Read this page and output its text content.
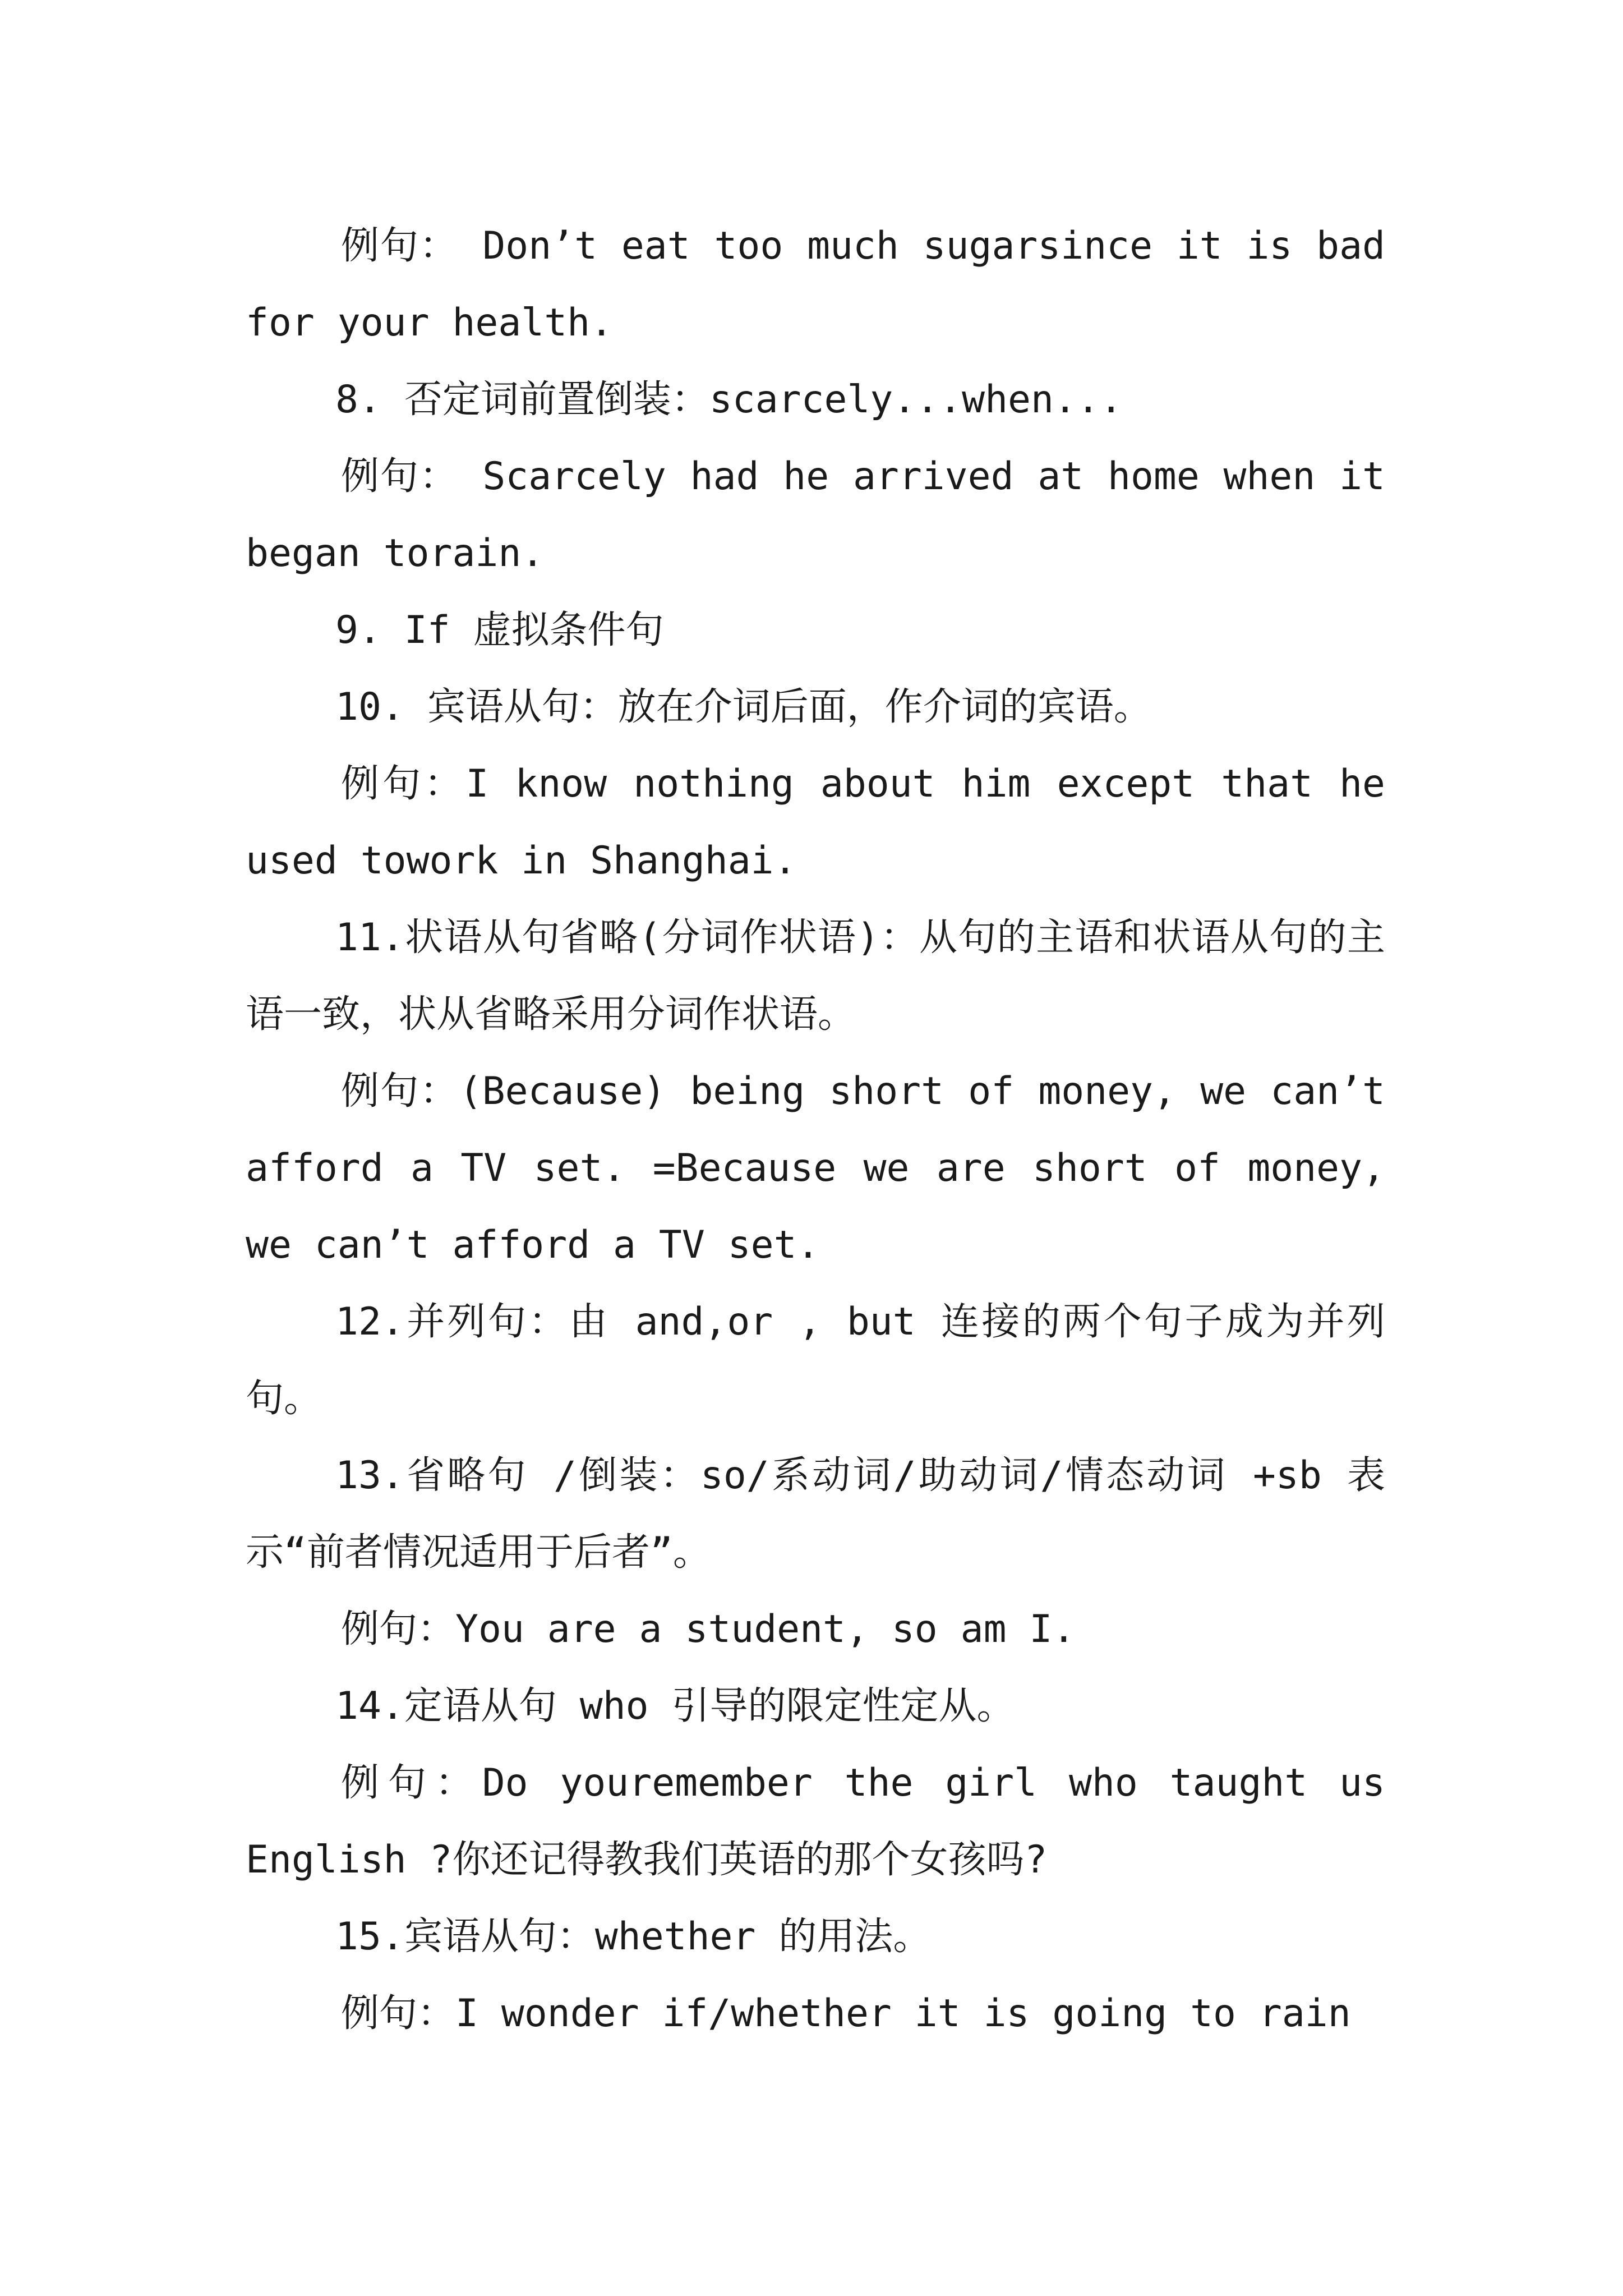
例句： Don’t eat too much sugarsince it is bad for your health.

8. 否定词前置倒装：scarcely...when...

例句： Scarcely had he arrived at home when it began torain.

9. If 虚拟条件句

10. 宾语从句：放在介词后面，作介词的宾语。

例句：I know nothing about him except that he used towork in Shanghai.

11.状语从句省略(分词作状语)：从句的主语和状语从句的主语一致，状从省略采用分词作状语。

例句：(Because) being short of money, we can’t afford a TV set. =Because we are short of money, we can’t afford a TV set.

12.并列句：由 and,or , but 连接的两个句子成为并列句。

13.省略句 /倒装：so/系动词/助动词/情态动词 +sb 表示“前者情况适用于后者”。

例句：You are a student, so am I.

14.定语从句 who 引导的限定性定从。

例句：Do youremember the girl who taught us English ?你还记得教我们英语的那个女孩吗?

15.宾语从句：whether 的用法。

例句：I wonder if/whether it is going to rain
